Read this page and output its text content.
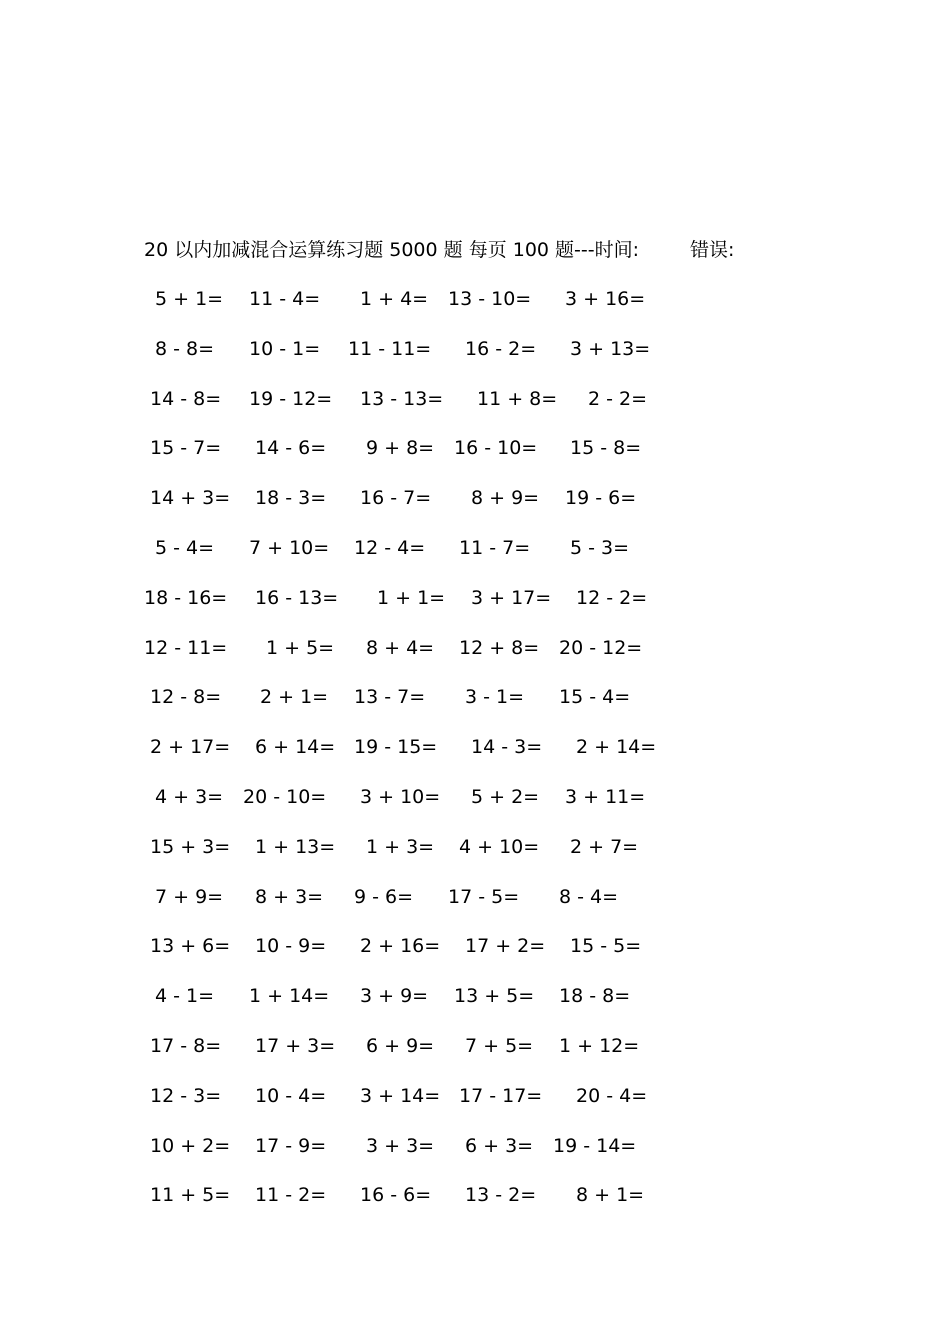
20 以内加减混合运算练习题 5000 题 每页 100 题---时间:	错误:
5 + 1= 11 - 4= 1 + 4= 13 - 10= 3 + 16=
8 - 8= 10 - 1= 11 - 11= 16 - 2= 3 + 13=
14 - 8= 19 - 12= 13 - 13= 11 + 8= 2 - 2=
15 - 7= 14 - 6= 9 + 8= 16 - 10= 15 - 8=
14 + 3= 18 - 3= 16 - 7= 8 + 9= 19 - 6=
5 - 4= 7 + 10= 12 - 4= 11 - 7= 5 - 3=
18 - 16= 16 - 13= 1 + 1= 3 + 17= 12 - 2=
12 - 11= 1 + 5= 8 + 4= 12 + 8= 20 - 12=
12 - 8= 2 + 1= 13 - 7= 3 - 1= 15 - 4=
2 + 17= 6 + 14= 19 - 15= 14 - 3= 2 + 14=
4 + 3= 20 - 10= 3 + 10= 5 + 2= 3 + 11=
15 + 3= 1 + 13= 1 + 3= 4 + 10= 2 + 7=
7 + 9= 8 + 3= 9 - 6= 17 - 5= 8 - 4=
13 + 6= 10 - 9= 2 + 16= 17 + 2= 15 - 5=
4 - 1= 1 + 14= 3 + 9= 13 + 5= 18 - 8=
17 - 8= 17 + 3= 6 + 9= 7 + 5= 1 + 12=
12 - 3= 10 - 4= 3 + 14= 17 - 17= 20 - 4=
10 + 2= 17 - 9= 3 + 3= 6 + 3= 19 - 14=
11 + 5= 11 - 2= 16 - 6= 13 - 2= 8 + 1=
